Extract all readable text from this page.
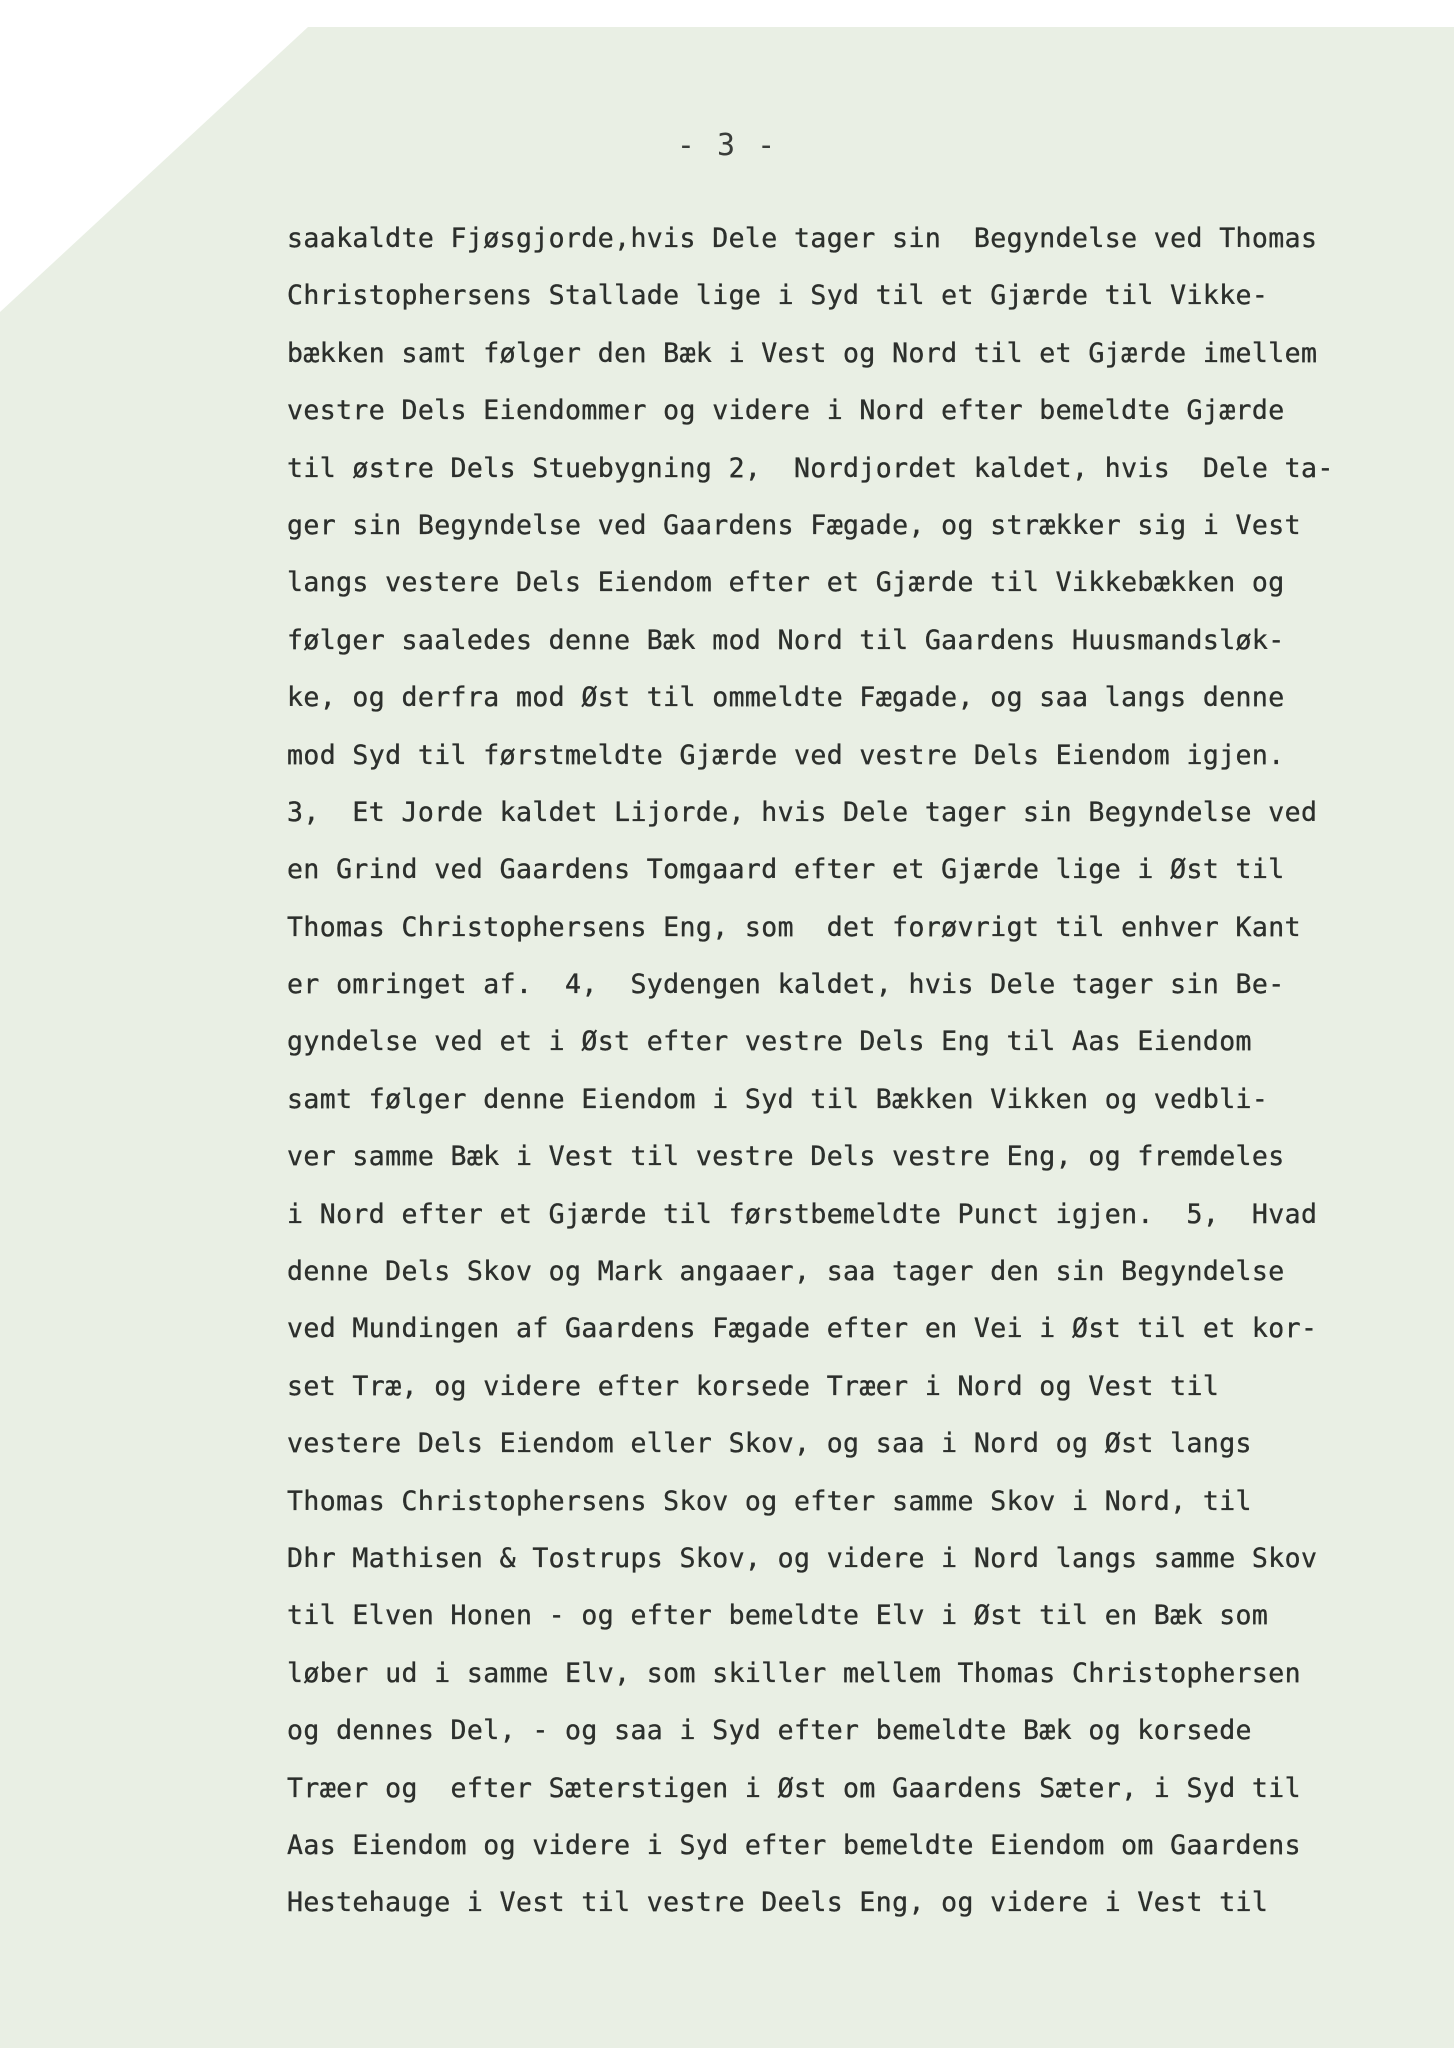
- 3 -
saakaldte Fjøsgjorde,hvis Dele tager sin  Begyndelse ved Thomas
Christophersens Stallade lige i Syd til et Gjærde til Vikke-
bækken samt følger den Bæk i Vest og Nord til et Gjærde imellem
vestre Dels Eiendommer og videre i Nord efter bemeldte Gjærde
til østre Dels Stuebygning 2,  Nordjordet kaldet, hvis  Dele ta-
ger sin Begyndelse ved Gaardens Fægade, og strækker sig i Vest
langs vestere Dels Eiendom efter et Gjærde til Vikkebækken og
følger saaledes denne Bæk mod Nord til Gaardens Huusmandsløk-
ke, og derfra mod Øst til ommeldte Fægade, og saa langs denne
mod Syd til førstmeldte Gjærde ved vestre Dels Eiendom igjen.
3,  Et Jorde kaldet Lijorde, hvis Dele tager sin Begyndelse ved
en Grind ved Gaardens Tomgaard efter et Gjærde lige i Øst til
Thomas Christophersens Eng, som  det forøvrigt til enhver Kant
er omringet af.  4,  Sydengen kaldet, hvis Dele tager sin Be-
gyndelse ved et i Øst efter vestre Dels Eng til Aas Eiendom
samt følger denne Eiendom i Syd til Bækken Vikken og vedbli-
ver samme Bæk i Vest til vestre Dels vestre Eng, og fremdeles
i Nord efter et Gjærde til førstbemeldte Punct igjen.  5,  Hvad
denne Dels Skov og Mark angaaer, saa tager den sin Begyndelse
ved Mundingen af Gaardens Fægade efter en Vei i Øst til et kor-
set Træ, og videre efter korsede Træer i Nord og Vest til
vestere Dels Eiendom eller Skov, og saa i Nord og Øst langs
Thomas Christophersens Skov og efter samme Skov i Nord, til
Dhr Mathisen & Tostrups Skov, og videre i Nord langs samme Skov
til Elven Honen - og efter bemeldte Elv i Øst til en Bæk som
løber ud i samme Elv, som skiller mellem Thomas Christophersen
og dennes Del, - og saa i Syd efter bemeldte Bæk og korsede
Træer og  efter Sæterstigen i Øst om Gaardens Sæter, i Syd til
Aas Eiendom og videre i Syd efter bemeldte Eiendom om Gaardens
Hestehauge i Vest til vestre Deels Eng, og videre i Vest til
